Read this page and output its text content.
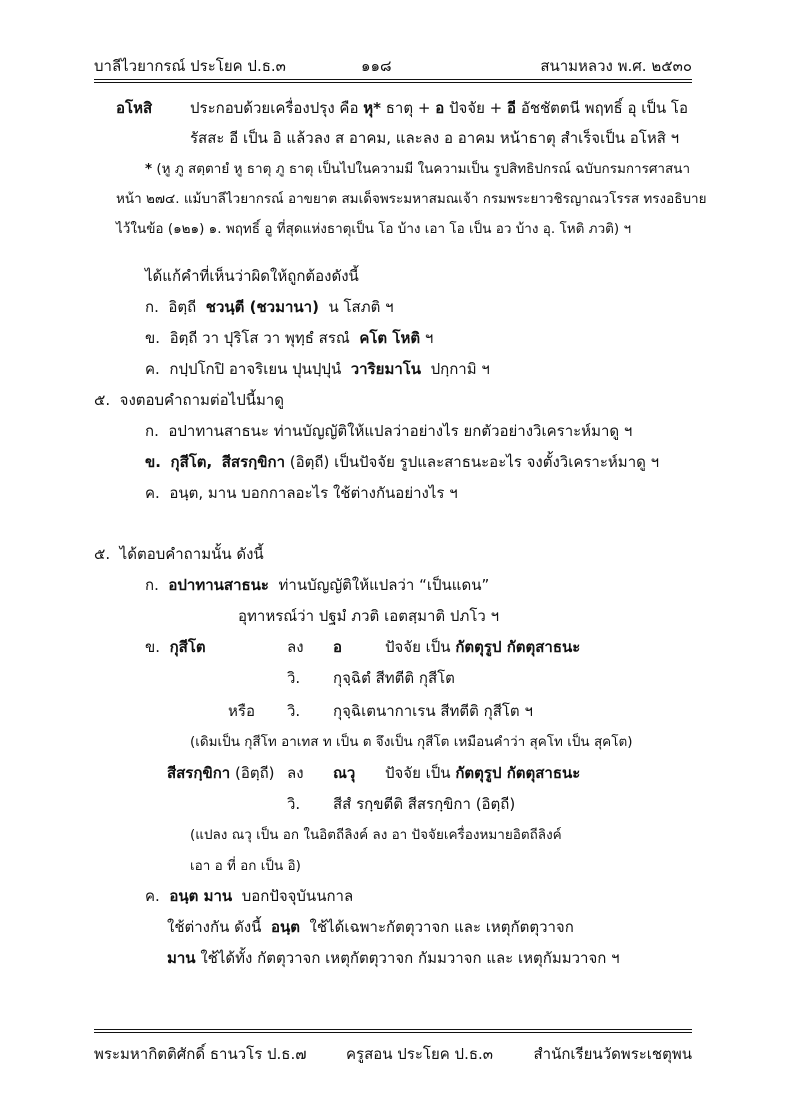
บาลีไวยากรณ์ ประโยค ป.ธ.๓	๑๑๘	สนามหลวง พ.ศ. ๒๕๓๐
อโหสิ	ประกอบด้วยเครื่องปรุง คือ หุ* ธาตุ + อ ปัจจัย + อี อัชชัตตนี พฤทธิ์ อุ เป็น โอ
รัสสะ อี เป็น อิ แล้วลง ส อาคม, และลง อ อาคม หน้าธาตุ สำเร็จเป็น อโหสิ ฯ
* (หู ภู สตฺตายํ หู ธาตุ ภู ธาตุ เป็นไปในความมี ในความเป็น รูปสิทธิปกรณ์ ฉบับกรมการศาสนา
หน้า ๒๗๔. แม้บาลีไวยากรณ์ อาขยาต สมเด็จพระมหาสมณเจ้า กรมพระยาวชิรญาณวโรรส ทรงอธิบาย
ไว้ในข้อ (๑๒๑) ๑. พฤทธิ์ อู ที่สุดแห่งธาตุเป็น โอ บ้าง เอา โอ เป็น อว บ้าง อุ. โหติ ภวติ) ฯ
ได้แก้คำที่เห็นว่าผิดให้ถูกต้องดังนี้
ก. อิตฺถี ชวนฺตี (ชวมานา) น โสภติ ฯ
ข. อิตฺถี วา ปุริโส วา พุทฺธํ สรณํ คโต โหติ ฯ
ค. กปฺปโกปิ อาจริเยน ปุนปฺปุนํ วาริยมาโน ปกฺกามิ ฯ
๕. จงตอบคำถามต่อไปนี้มาดู
ก. อปาทานสาธนะ ท่านบัญญัติให้แปลว่าอย่างไร ยกตัวอย่างวิเคราะห์มาดู ฯ
ข. กุสีโต, สีสรกฺขิกา (อิตฺถี) เป็นปัจจัย รูปและสาธนะอะไร จงตั้งวิเคราะห์มาดู ฯ
ค. อนฺต, มาน บอกกาลอะไร ใช้ต่างกันอย่างไร ฯ
๕. ได้ตอบคำถามนั้น ดังนี้
ก. อปาทานสาธนะ ท่านบัญญัติให้แปลว่า “เป็นแดน”
อุทาหรณ์ว่า ปฐมํ ภวติ เอตสฺมาติ ปภโว ฯ
ข. กุสีโต	ลง อ	ปัจจัย เป็น กัตตุรูป กัตตุสาธนะ
วิ. กุจฺฉิตํ สีทตีติ กุสีโต
หรือ วิ. กุจฺฉิเตนากาเรน สีทตีติ กุสีโต ฯ
(เดิมเป็น กุสีโท อาเทส ท เป็น ต จึงเป็น กุสีโต เหมือนคำว่า สุคโท เป็น สุคโต)
สีสรกฺขิกา (อิตฺถี) ลง ณวุ ปัจจัย เป็น กัตตุรูป กัตตุสาธนะ
วิ. สีสํ รกฺขตีติ สีสรกฺขิกา (อิตฺถี)
(แปลง ณวุ เป็น อก ในอิตถีลิงค์ ลง อา ปัจจัยเครื่องหมายอิตถีลิงค์
เอา อ ที่ อก เป็น อิ)
ค. อนฺต มาน บอกปัจจุบันนกาล
ใช้ต่างกัน ดังนี้ อนฺต ใช้ได้เฉพาะกัตตุวาจก และ เหตุกัตตุวาจก
มาน ใช้ได้ทั้ง กัตตุวาจก เหตุกัตตุวาจก กัมมวาจก และ เหตุกัมมวาจก ฯ
พระมหากิตติศักดิ์ ธานวโร ป.ธ.๗	ครูสอน ประโยค ป.ธ.๓	สำนักเรียนวัดพระเชตุพน
